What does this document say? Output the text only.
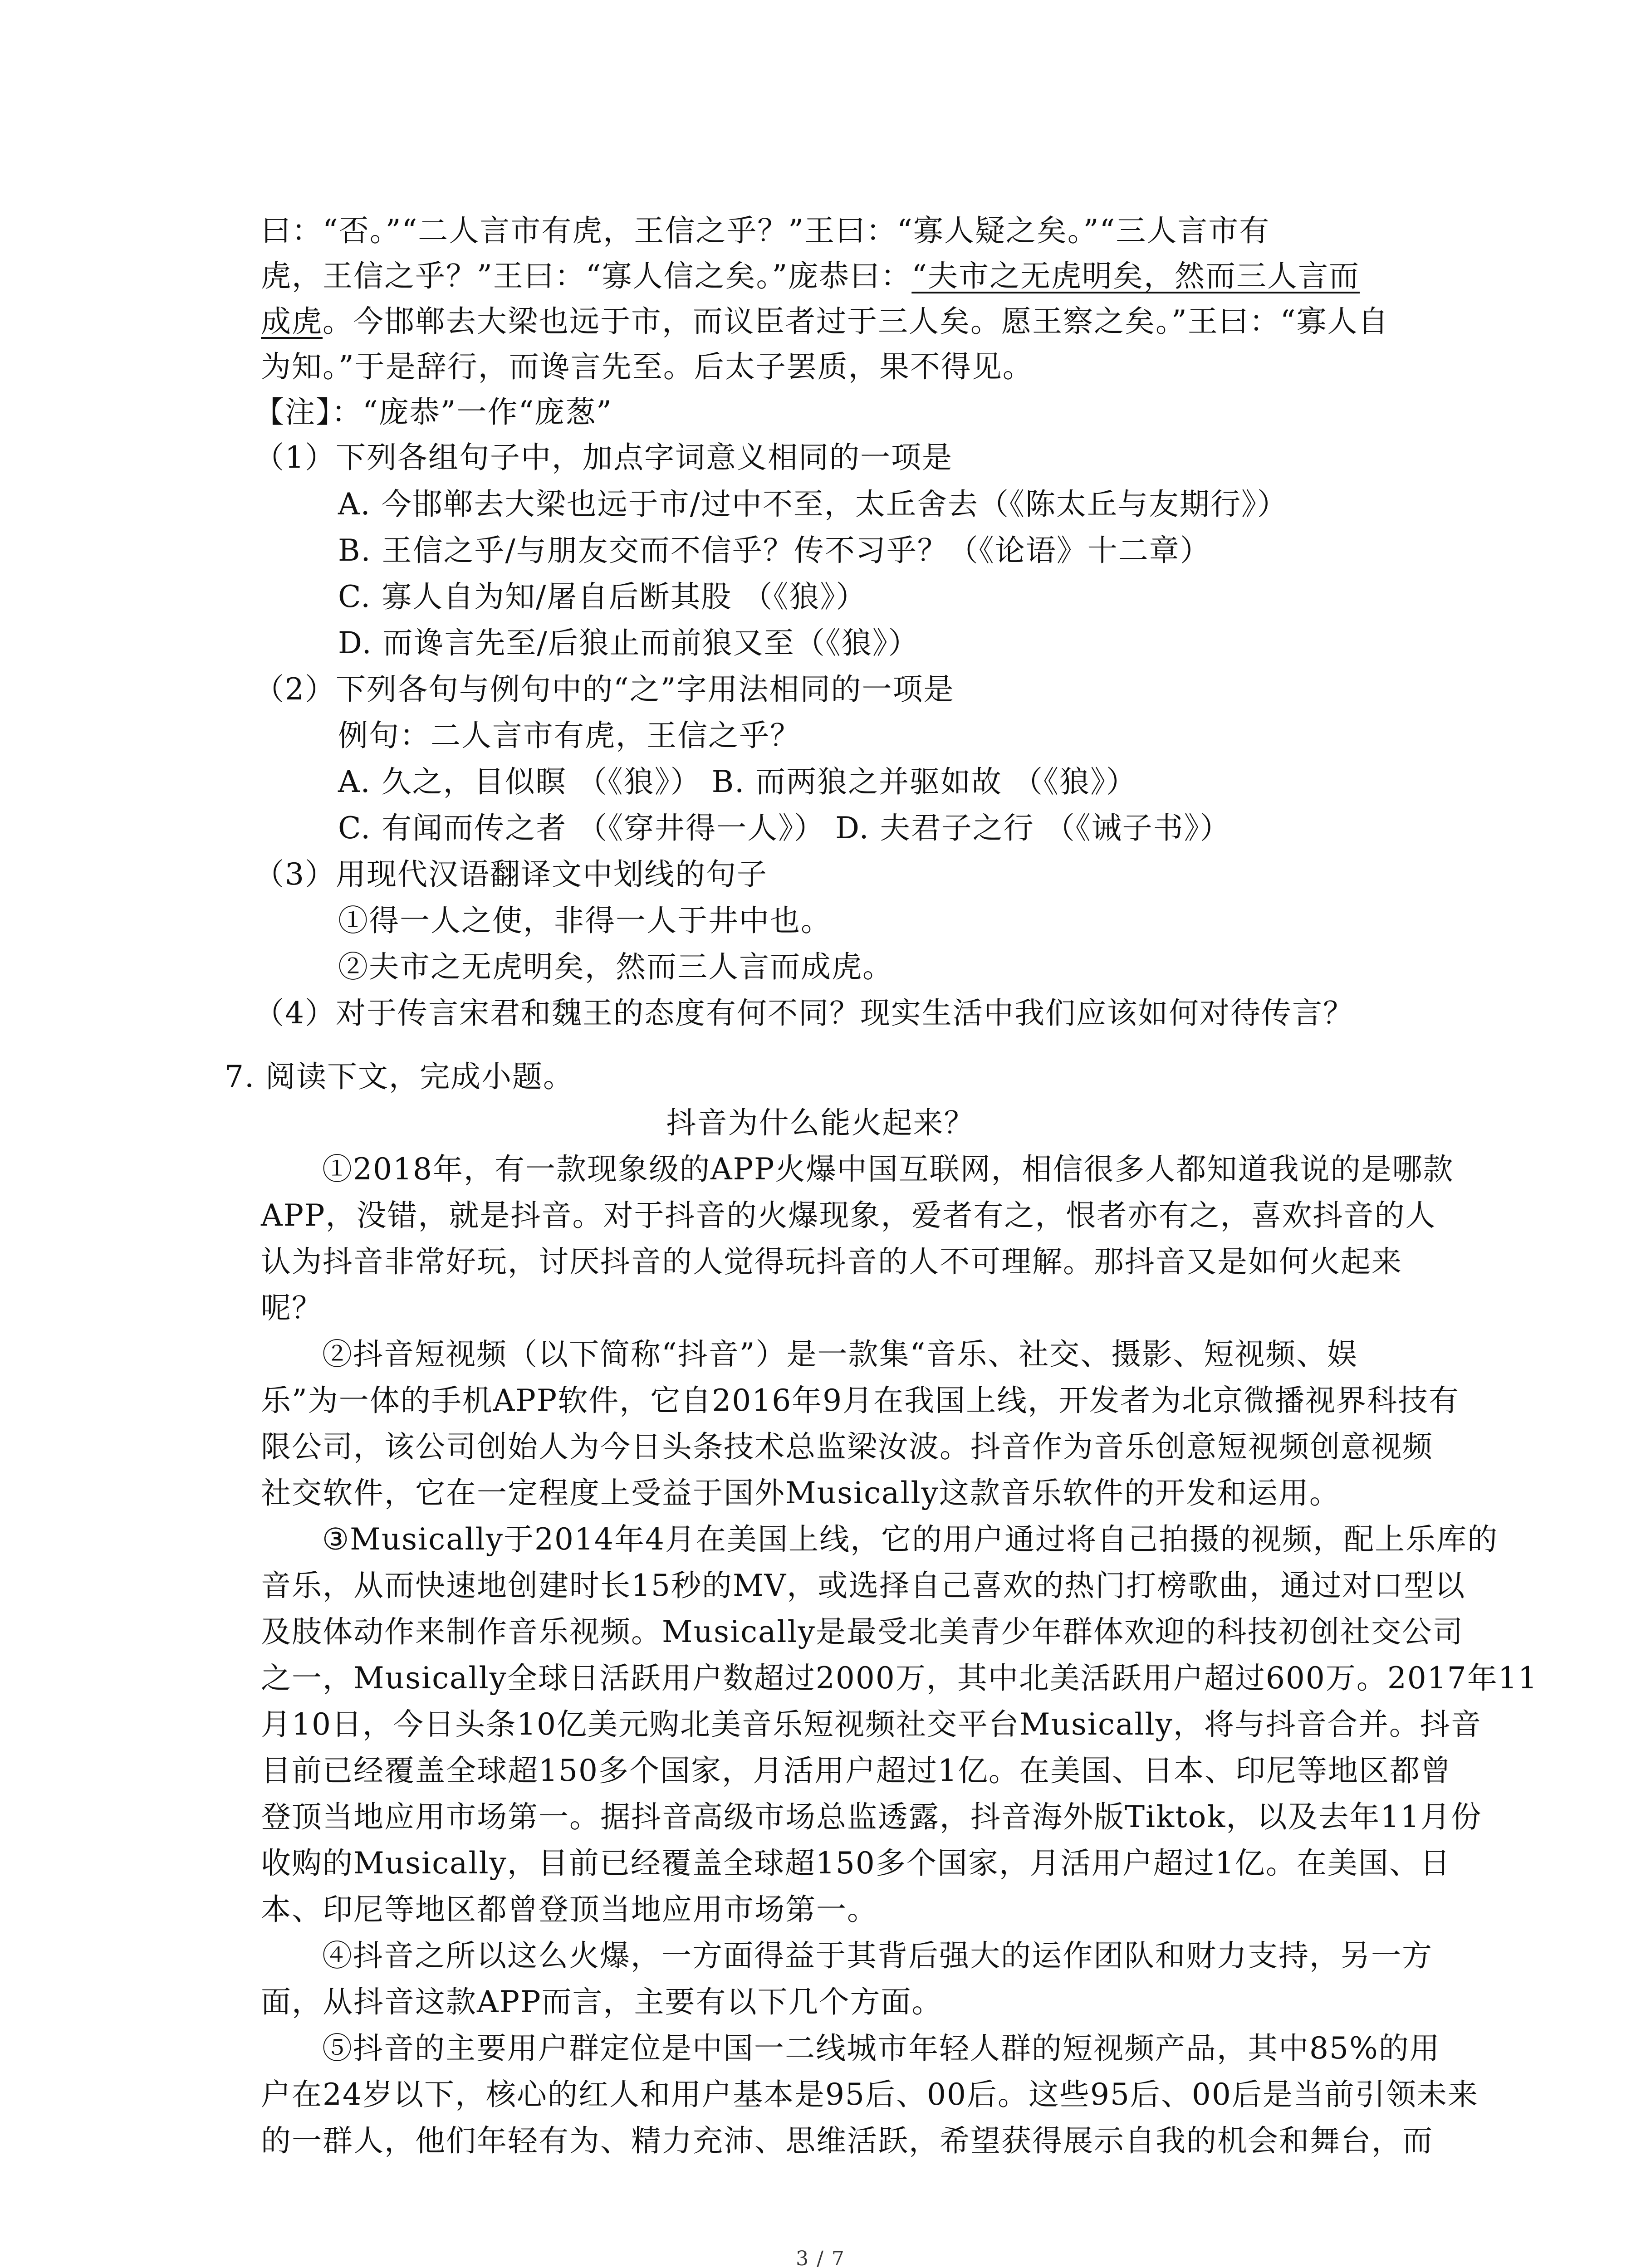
曰：“否。”“二人言市有虎，王信之乎？”王曰：“寡人疑之矣。”“三人言市有
虎，王信之乎？”王曰：“寡人信之矣。”庞恭曰：“夫市之无虎明矣，然而三人言而
成虎。今邯郸去大梁也远于市，而议臣者过于三人矣。愿王察之矣。”王曰：“寡人自
为知。”于是辞行，而谗言先至。后太子罢质，果不得见。
【注】：“庞恭”一作“庞葱”
（1）下列各组句子中，加点字词意义相同的一项是
A. 今邯郸去大梁也远于市/过中不至，太丘舍去（《陈太丘与友期行》）
B. 王信之乎/与朋友交而不信乎？传不习乎？（《论语》十二章）
C. 寡人自为知/屠自后断其股 （《狼》）
D. 而谗言先至/后狼止而前狼又至（《狼》）
（2）下列各句与例句中的“之”字用法相同的一项是
例句：二人言市有虎，王信之乎？
A. 久之，目似瞑 （《狼》） B. 而两狼之并驱如故 （《狼》）
C. 有闻而传之者 （《穿井得一人》） D. 夫君子之行 （《诫子书》）
（3）用现代汉语翻译文中划线的句子
①得一人之使，非得一人于井中也。
②夫市之无虎明矣，然而三人言而成虎。
（4）对于传言宋君和魏王的态度有何不同？现实生活中我们应该如何对待传言？
7. 阅读下文，完成小题。
抖音为什么能火起来？
①2018年，有一款现象级的APP火爆中国互联网，相信很多人都知道我说的是哪款
APP，没错，就是抖音。对于抖音的火爆现象，爱者有之，恨者亦有之，喜欢抖音的人
认为抖音非常好玩，讨厌抖音的人觉得玩抖音的人不可理解。那抖音又是如何火起来
呢？
②抖音短视频（以下简称“抖音”）是一款集“音乐、社交、摄影、短视频、娱
乐”为一体的手机APP软件，它自2016年9月在我国上线，开发者为北京微播视界科技有
限公司，该公司创始人为今日头条技术总监梁汝波。抖音作为音乐创意短视频创意视频
社交软件，它在一定程度上受益于国外Musically这款音乐软件的开发和运用。
③Musically于2014年4月在美国上线，它的用户通过将自己拍摄的视频，配上乐库的
音乐，从而快速地创建时长15秒的MV，或选择自己喜欢的热门打榜歌曲，通过对口型以
及肢体动作来制作音乐视频。Musically是最受北美青少年群体欢迎的科技初创社交公司
之一，Musically全球日活跃用户数超过2000万，其中北美活跃用户超过600万。2017年11
月10日，今日头条10亿美元购北美音乐短视频社交平台Musically，将与抖音合并。抖音
目前已经覆盖全球超150多个国家，月活用户超过1亿。在美国、日本、印尼等地区都曾
登顶当地应用市场第一。据抖音高级市场总监透露，抖音海外版Tiktok，以及去年11月份
收购的Musically，目前已经覆盖全球超150多个国家，月活用户超过1亿。在美国、日
本、印尼等地区都曾登顶当地应用市场第一。
④抖音之所以这么火爆，一方面得益于其背后强大的运作团队和财力支持，另一方
面，从抖音这款APP而言，主要有以下几个方面。
⑤抖音的主要用户群定位是中国一二线城市年轻人群的短视频产品，其中85%的用
户在24岁以下，核心的红人和用户基本是95后、00后。这些95后、00后是当前引领未来
的一群人，他们年轻有为、精力充沛、思维活跃，希望获得展示自我的机会和舞台，而
3 / 7
